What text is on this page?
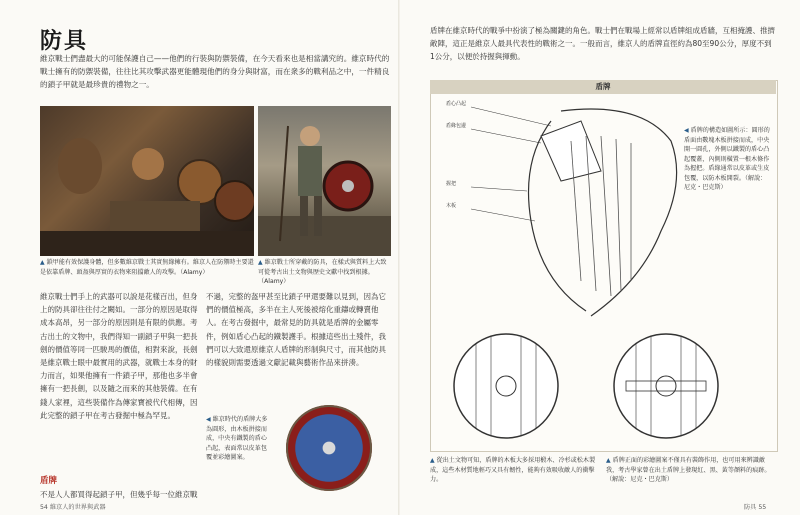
防具
維京戰士們盡最大的可能保護自己——他們的行裝與防禦裝備，在今天看來也是相當講究的。維京時代的戰士擁有的防禦裝備，往往比其攻擊武器更能體現他們的身分與財富，而在衆多的戰利品之中，一件精良的鎖子甲就是最珍貴的禮物之一。
▲ 鎖甲能有效保護身體，但多數維京戰士其實無緣擁有。維京人在防禦時主要還是依靠盾牌、頭盔與厚實的衣物來阻擋敵人的攻擊。（Alamy）
▲ 維京戰士所穿戴的防具，在樣式與質料上大致可從考古出土文物與歷史文獻中找到根據。（Alamy）
維京戰士們手上的武器可以說是花樣百出，但身上的防具卻往往付之闕如。一部分的原因是取得成本高昂，另一部分的原因則是有限的供應。考古出土的文物中，我們得知一副鎖子甲與一把長劍的價值等同一匹駿馬的價值，相對來說，長劍是維京戰士眼中最實用的武器，就戰士本身的財力而言，如果他擁有一件鎖子甲，那他也多半會擁有一把長劍，以及隨之而來的其他裝備。在有錢人家裡，這些裝備作為傳家寶被代代相傳，因此完整的鎖子甲在考古發掘中極為罕見。
不過，完整的盔甲甚至比鎖子甲還要難以見到，因為它們的價值極高，多半在主人死後被熔化重鑄或轉賣他人。在考古發掘中，最常見的防具就是盾牌的金屬零件，例如盾心凸起的鐵製護手。根據這些出土殘件，我們可以大致還原維京人盾牌的形制與尺寸，而其他防具的樣貌則需要透過文獻記載與藝術作品來拼湊。
◀ 維京時代的盾牌大多為圓形，由木板拼接而成，中央有鐵製的盾心凸起，表面常以皮革包覆並彩繪圖案。
盾牌
不是人人都買得起鎖子甲，但幾乎每一位維京戰
54 維京人的世界與武器
盾牌在維京時代的戰爭中扮演了極為關鍵的角色。戰士們在戰場上經常以盾牌組成盾牆，互相掩護、推擠敵陣，這正是維京人最具代表性的戰術之一。一般而言，維京人的盾牌直徑約為80至90公分，厚度不到1公分，以便於持握與揮動。
盾牌
盾心凸起
盾緣包邊
握把
木板
◀ 盾牌的構造如圖所示：圓形的盾面由數塊木板拼接而成，中央開一圓孔，外側以鐵製的盾心凸起覆蓋，內側則橫置一根木條作為握把。盾緣通常以皮革或生皮包覆，以防木板開裂。（解說：尼克・巴克斯）
▲ 從出土文物可知，盾牌的木板大多採用椴木、冷杉或松木製成，這些木材質地輕巧又具有韌性，能夠有效吸收敵人的衝擊力。
▲ 盾牌正面的彩繪圖案不僅具有裝飾作用，也可用來辨識敵我，考古學家曾在出土盾牌上發現紅、黑、黃等顏料的痕跡。（解說：尼克・巴克斯）
防具 55
